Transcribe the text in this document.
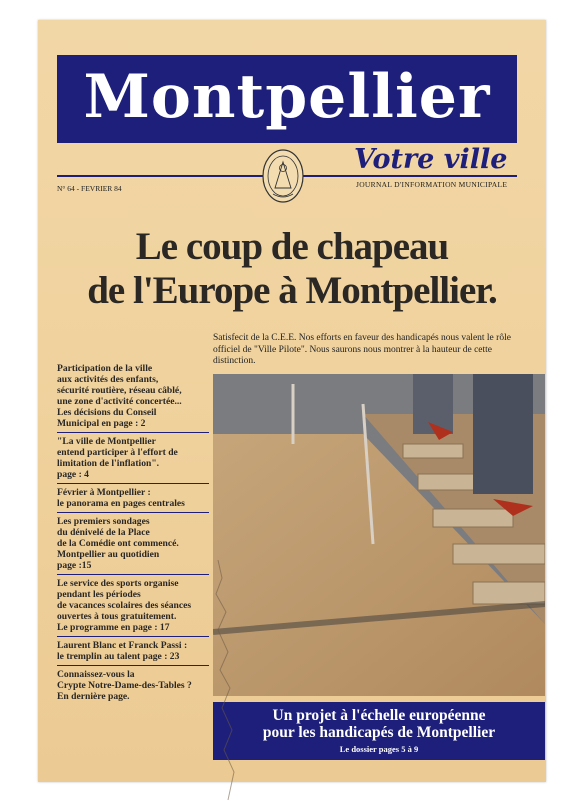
Montpellier
N° 64 - FEVRIER 84
Votre ville
JOURNAL D'INFORMATION MUNICIPALE
Le coup de chapeau
de l'Europe à Montpellier.
Satisfecit de la C.E.E. Nos efforts en faveur des handicapés nous valent le rôle officiel de "Ville Pilote". Nous saurons nous montrer à la hauteur de cette distinction.
Participation de la ville
aux activités des enfants,
sécurité routière, réseau câblé,
une zone d'activité concertée...
Les décisions du Conseil
Municipal en page : 2
"La ville de Montpellier
entend participer à l'effort de
limitation de l'inflation".
page : 4
Février à Montpellier :
le panorama en pages centrales
Les premiers sondages
du dénivelé de la Place
de la Comédie ont commencé.
Montpellier au quotidien
page :15
Le service des sports organise
pendant les périodes
de vacances scolaires des séances
ouvertes à tous gratuitement.
Le programme en page : 17
Laurent Blanc et Franck Passi :
le tremplin au talent page : 23
Connaissez-vous la
Crypte Notre-Dame-des-Tables ?
En dernière page.
Un projet à l'échelle européenne
pour les handicapés de Montpellier
Le dossier pages 5 à 9
